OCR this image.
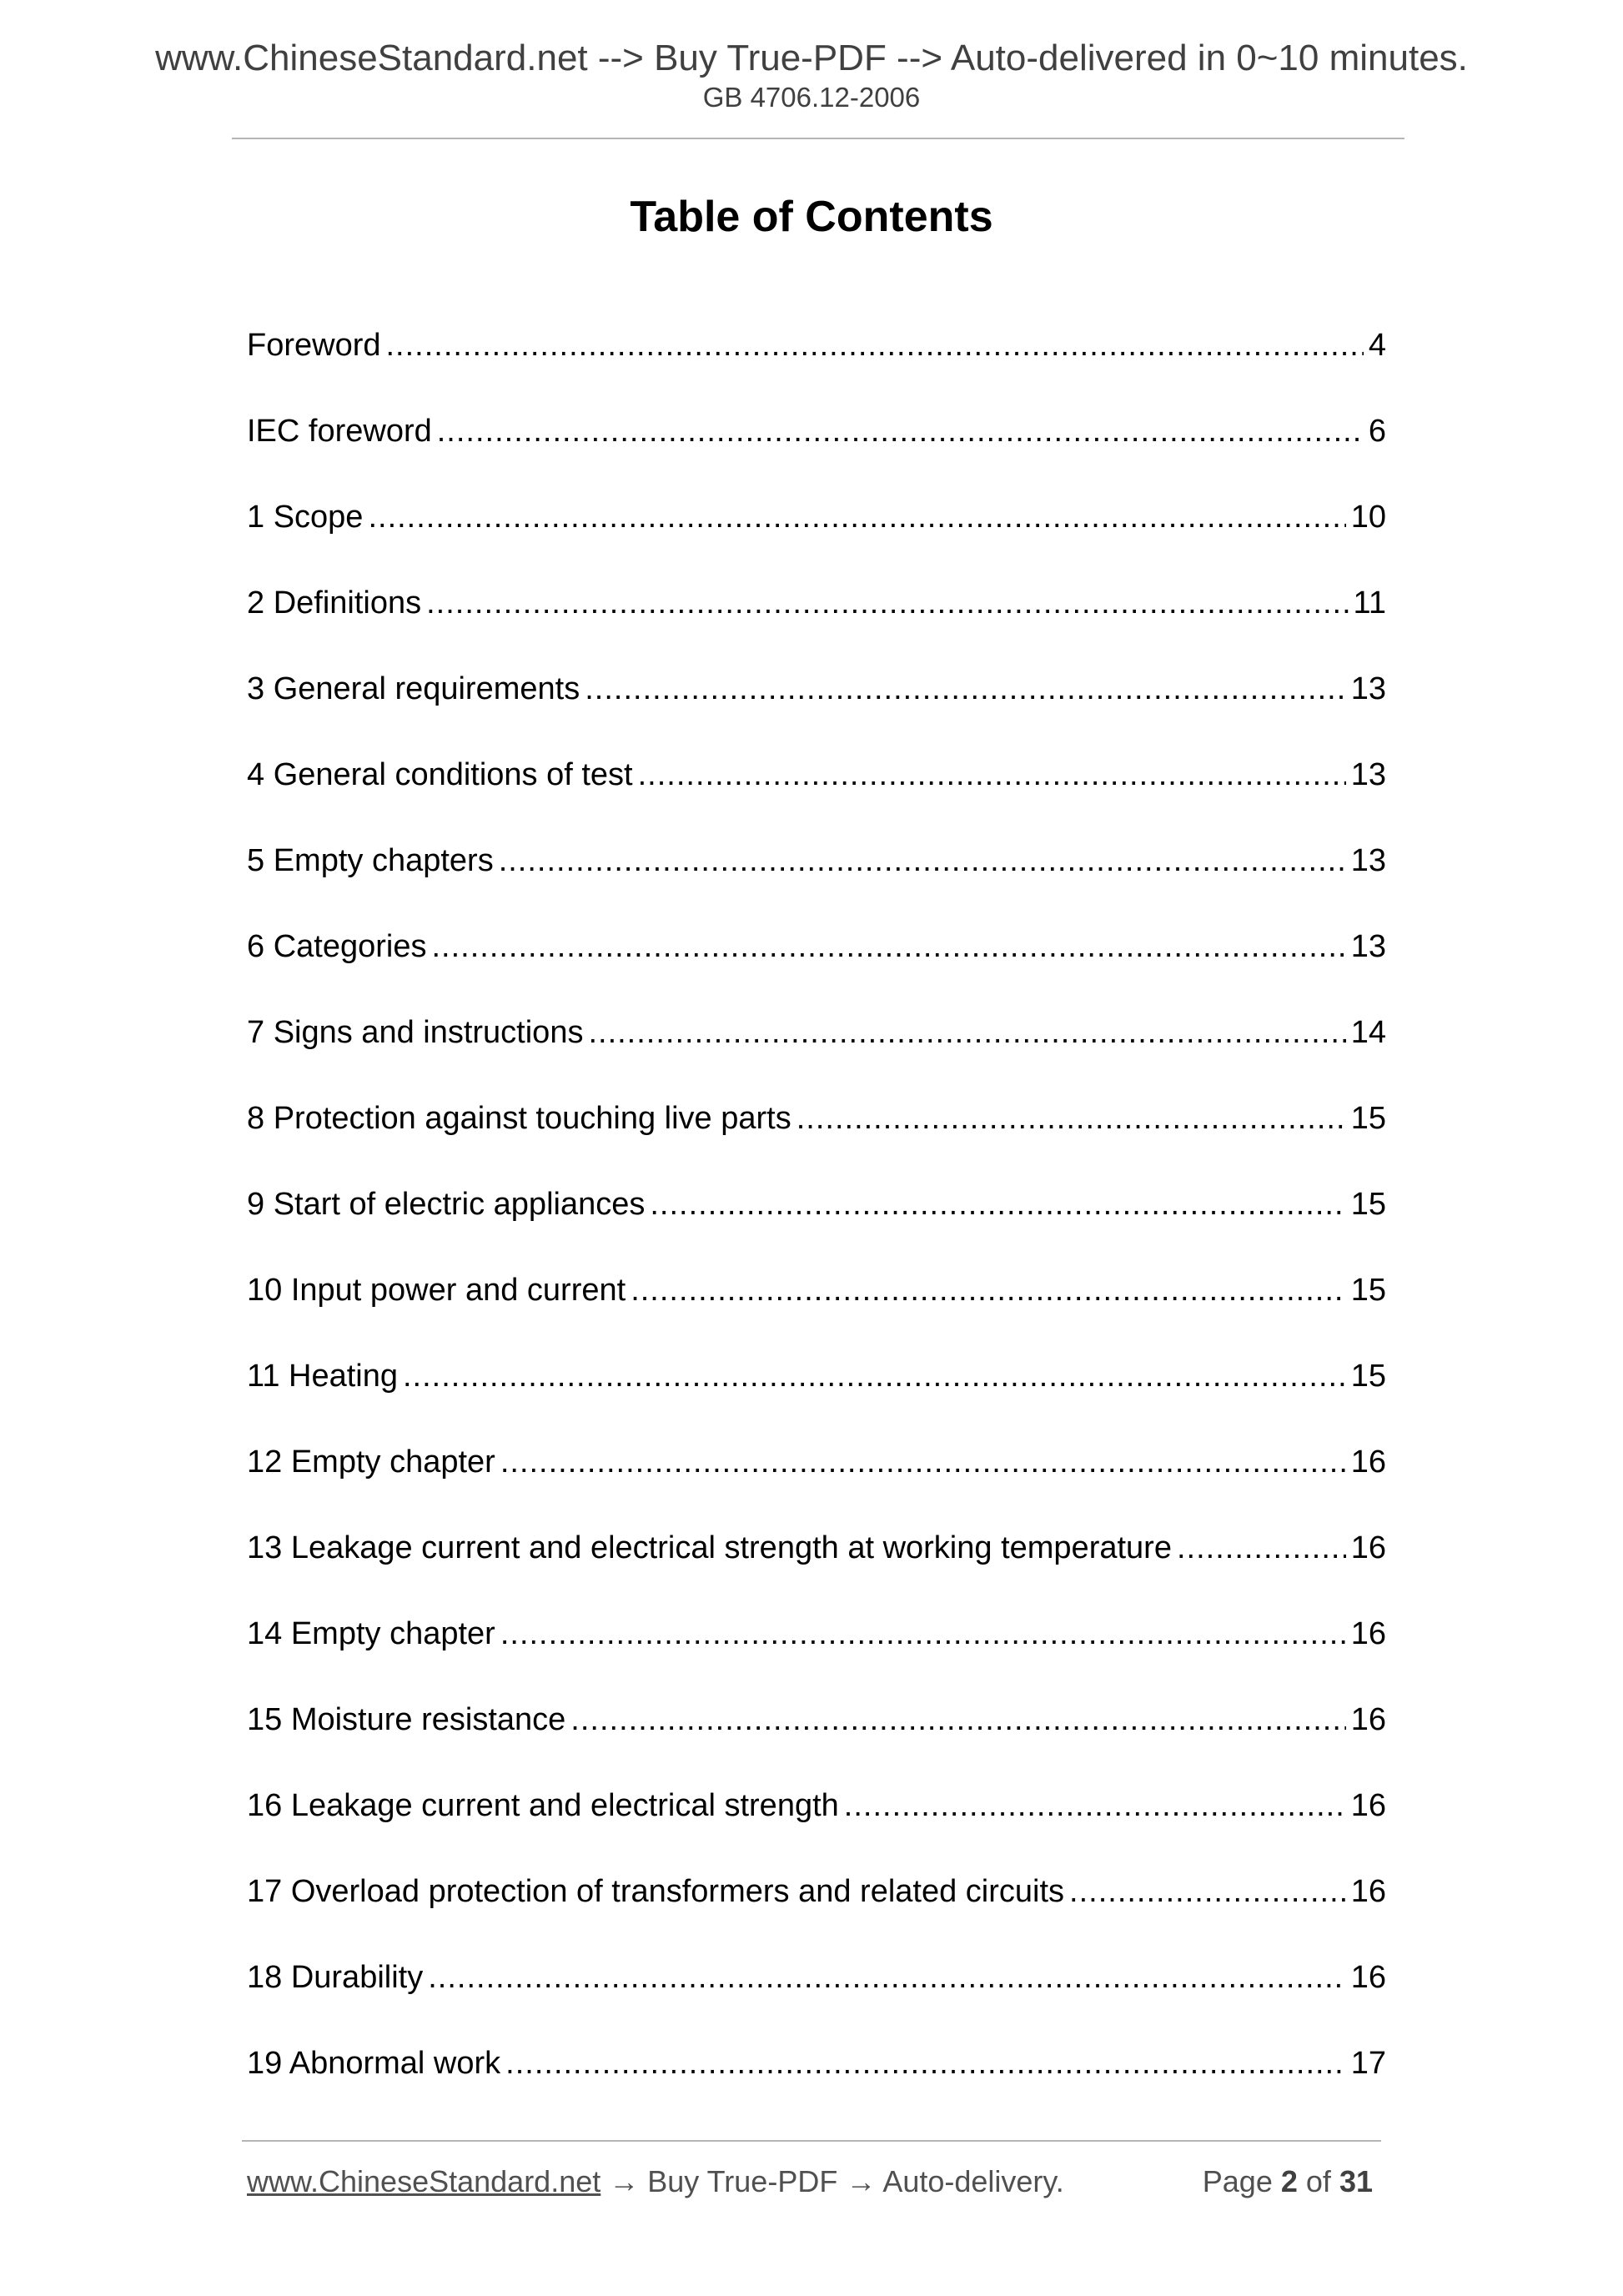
www.ChineseStandard.net --> Buy True-PDF --> Auto-delivered in 0~10 minutes.
GB 4706.12-2006
Table of Contents
Foreword .....	4
IEC foreword .....	6
1 Scope .....	10
2 Definitions .....	11
3 General requirements .....	13
4 General conditions of test .....	13
5 Empty chapters .....	13
6 Categories .....	13
7 Signs and instructions .....	14
8 Protection against touching live parts .....	15
9 Start of electric appliances .....	15
10 Input power and current .....	15
11 Heating .....	15
12 Empty chapter .....	16
13 Leakage current and electrical strength at working temperature .....	16
14 Empty chapter .....	16
15 Moisture resistance .....	16
16 Leakage current and electrical strength .....	16
17 Overload protection of transformers and related circuits .....	16
18 Durability .....	16
19 Abnormal work .....	17
www.ChineseStandard.net → Buy True-PDF → Auto-delivery.	Page 2 of 31
